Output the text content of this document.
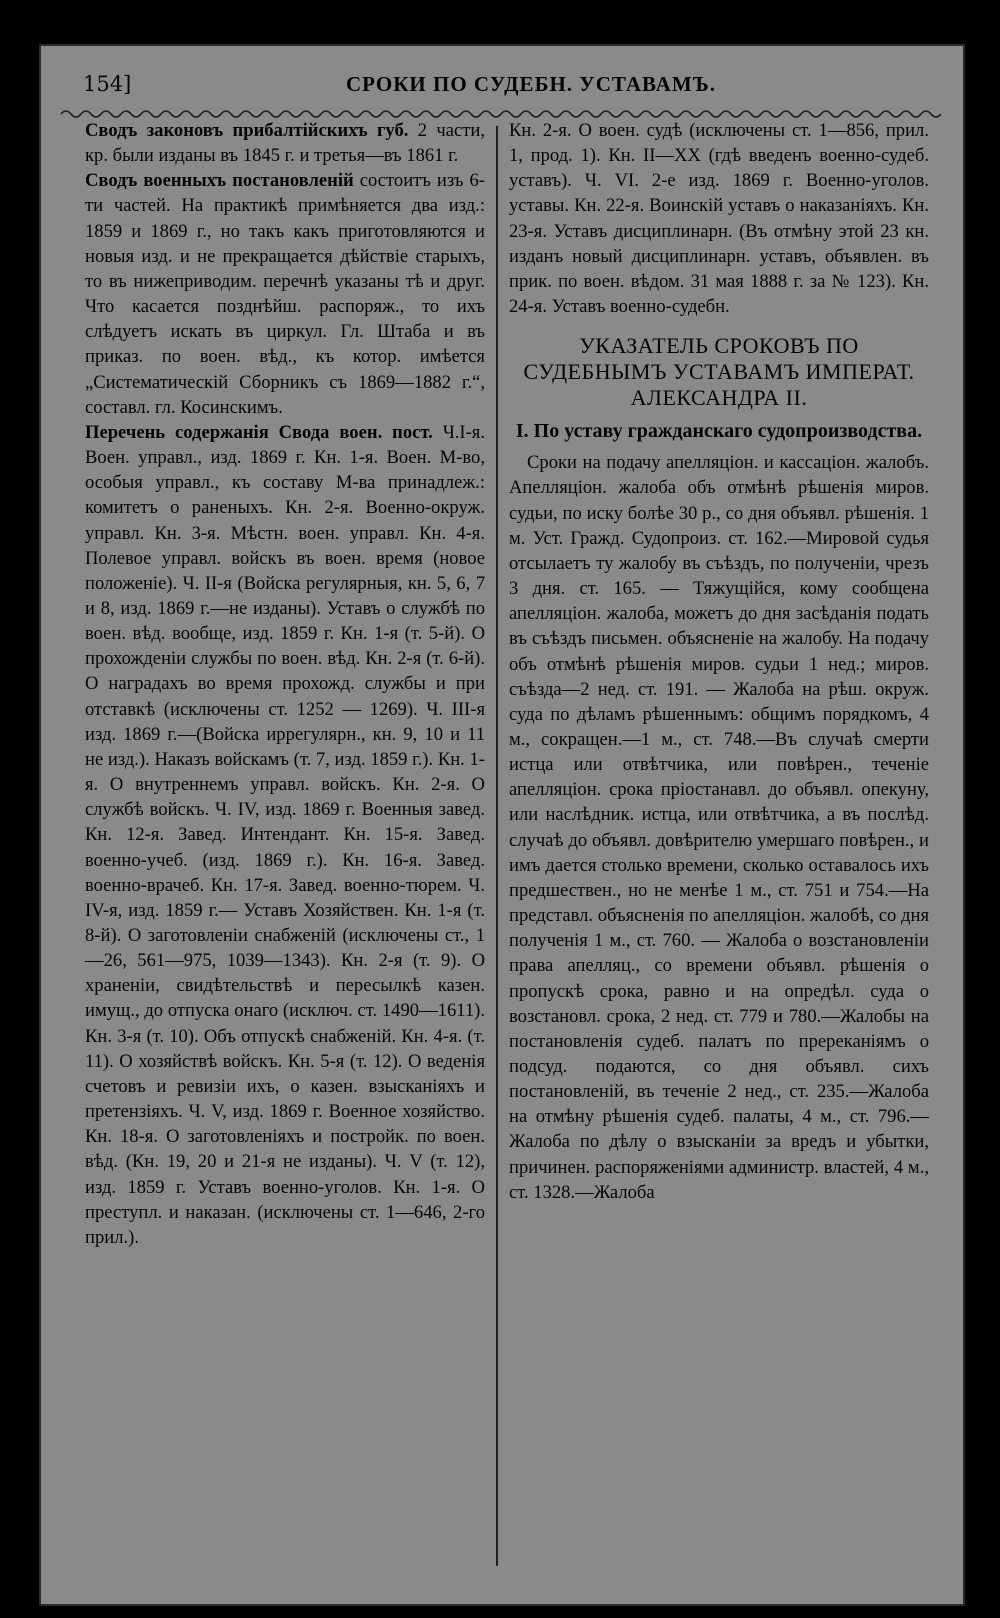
154]	СРОКИ ПО СУДЕБН. УСТАВАМЪ.

Сводъ законовъ прибалтійскихъ губ. 2 части, кр. были изданы въ 1845 г. и третья—въ 1861 г.

Сводъ военныхъ постановленій состоитъ изъ 6-ти частей. На практикѣ примѣняется два изд.: 1859 и 1869 г., но такъ какъ приготовляются и новыя изд. и не прекращается дѣйствіе старыхъ, то въ нижеприводим. перечнѣ указаны тѣ и друг. Что касается позднѣйш. распоряж., то ихъ слѣдуетъ искать въ циркул. Гл. Штаба и въ приказ. по воен. вѣд., къ котор. имѣется „Систематическій Сборникъ съ 1869—1882 г.“, составл. гл. Косинскимъ.

Перечень содержанія Свода воен. пост. Ч.I-я. Воен. управл., изд. 1869 г. Кн. 1-я. Воен. М-во, особыя управл., къ составу М-ва принадлеж.: комитетъ о раненыхъ. Кн. 2-я. Военно-окруж. управл. Кн. 3-я. Мѣстн. воен. управл. Кн. 4-я. Полевое управл. войскъ въ воен. время (новое положеніе). Ч. II-я (Войска регулярныя, кн. 5, 6, 7 и 8, изд. 1869 г.—не изданы). Уставъ о службѣ по воен. вѣд. вообще, изд. 1859 г. Кн. 1-я (т. 5-й). О прохожденіи службы по воен. вѣд. Кн. 2-я (т. 6-й). О наградахъ во время прохожд. службы и при отставкѣ (исключены ст. 1252 — 1269). Ч. III-я изд. 1869 г.—(Войска иррегулярн., кн. 9, 10 и 11 не изд.). Наказъ войскамъ (т. 7, изд. 1859 г.). Кн. 1-я. О внутреннемъ управл. войскъ. Кн. 2-я. О службѣ войскъ. Ч. IV, изд. 1869 г. Военныя завед. Кн. 12-я. Завед. Интендант. Кн. 15-я. Завед. военно-учеб. (изд. 1869 г.). Кн. 16-я. Завед. военно-врачеб. Кн. 17-я. Завед. военно-тюрем. Ч. IV-я, изд. 1859 г.— Уставъ Хозяйствен. Кн. 1-я (т. 8-й). О заготовленіи снабженій (исключены ст., 1—26, 561—975, 1039—1343). Кн. 2-я (т. 9). О храненіи, свидѣтельствѣ и пересылкѣ казен. имущ., до отпуска онаго (исключ. ст. 1490—1611). Кн. 3-я (т. 10). Объ отпускѣ снабженій. Кн. 4-я. (т. 11). О хозяйствѣ войскъ. Кн. 5-я (т. 12). О веденія счетовъ и ревизіи ихъ, о казен. взысканіяхъ и претензіяхъ. Ч. V, изд. 1869 г. Военное хозяйство. Кн. 18-я. О заготовленіяхъ и постройк. по воен. вѣд. (Кн. 19, 20 и 21-я не изданы). Ч. V (т. 12), изд. 1859 г. Уставъ военно-уголов. Кн. 1-я. О преступл. и наказан. (исключены ст. 1—646, 2-го прил.).

Кн. 2-я. О воен. судѣ (исключены ст. 1—856, прил. 1, прод. 1). Кн. II—XX (гдѣ введенъ военно-судеб. уставъ). Ч. VI. 2-е изд. 1869 г. Военно-уголов. уставы. Кн. 22-я. Воинскій уставъ о наказаніяхъ. Кн. 23-я. Уставъ дисциплинарн. (Въ отмѣну этой 23 кн. изданъ новый дисциплинарн. уставъ, объявлен. въ прик. по воен. вѣдом. 31 мая 1888 г. за № 123). Кн. 24-я. Уставъ военно-судебн.

УКАЗАТЕЛЬ СРОКОВЪ ПО СУДЕБНЫМЪ УСТАВАМЪ ИМПЕРАТ. АЛЕКСАНДРА II.
I. По уставу гражданскаго судопроизводства.

Сроки на подачу апелляціон. и кассаціон. жалобъ. Апелляціон. жалоба объ отмѣнѣ рѣшенія миров. судьи, по иску болѣе 30 р., со дня объявл. рѣшенія. 1 м. Уст. Гражд. Судопроиз. ст. 162.—Мировой судья отсылаетъ ту жалобу въ съѣздъ, по полученіи, чрезъ 3 дня. ст. 165. — Тяжущійся, кому сообщена апелляціон. жалоба, можетъ до дня засѣданія подать въ съѣздъ письмен. объясненіе на жалобу. На подачу объ отмѣнѣ рѣшенія миров. судьи 1 нед.; миров. съѣзда—2 нед. ст. 191. — Жалоба на рѣш. окруж. суда по дѣламъ рѣшеннымъ: общимъ порядкомъ, 4 м., сокращен.—1 м., ст. 748.—Въ случаѣ смерти истца или отвѣтчика, или повѣрен., теченіе апелляціон. срока пріостанавл. до объявл. опекуну, или наслѣдник. истца, или отвѣтчика, а въ послѣд. случаѣ до объявл. довѣрителю умершаго повѣрен., и имъ дается столько времени, сколько оставалось ихъ предшествен., но не менѣе 1 м., ст. 751 и 754.—На представл. объясненія по апелляціон. жалобѣ, со дня полученія 1 м., ст. 760. — Жалоба о возстановленіи права апелляц., со времени объявл. рѣшенія о пропускѣ срока, равно и на опредѣл. суда о возстановл. срока, 2 нед. ст. 779 и 780.—Жалобы на постановленія судеб. палатъ по пререканіямъ о подсуд. подаются, со дня объявл. сихъ постановленій, въ теченіе 2 нед., ст. 235.—Жалоба на отмѣну рѣшенія судеб. палаты, 4 м., ст. 796.— Жалоба по дѣлу о взысканіи за вредъ и убытки, причинен. распоряженіями администр. властей, 4 м., ст. 1328.—Жалоба
